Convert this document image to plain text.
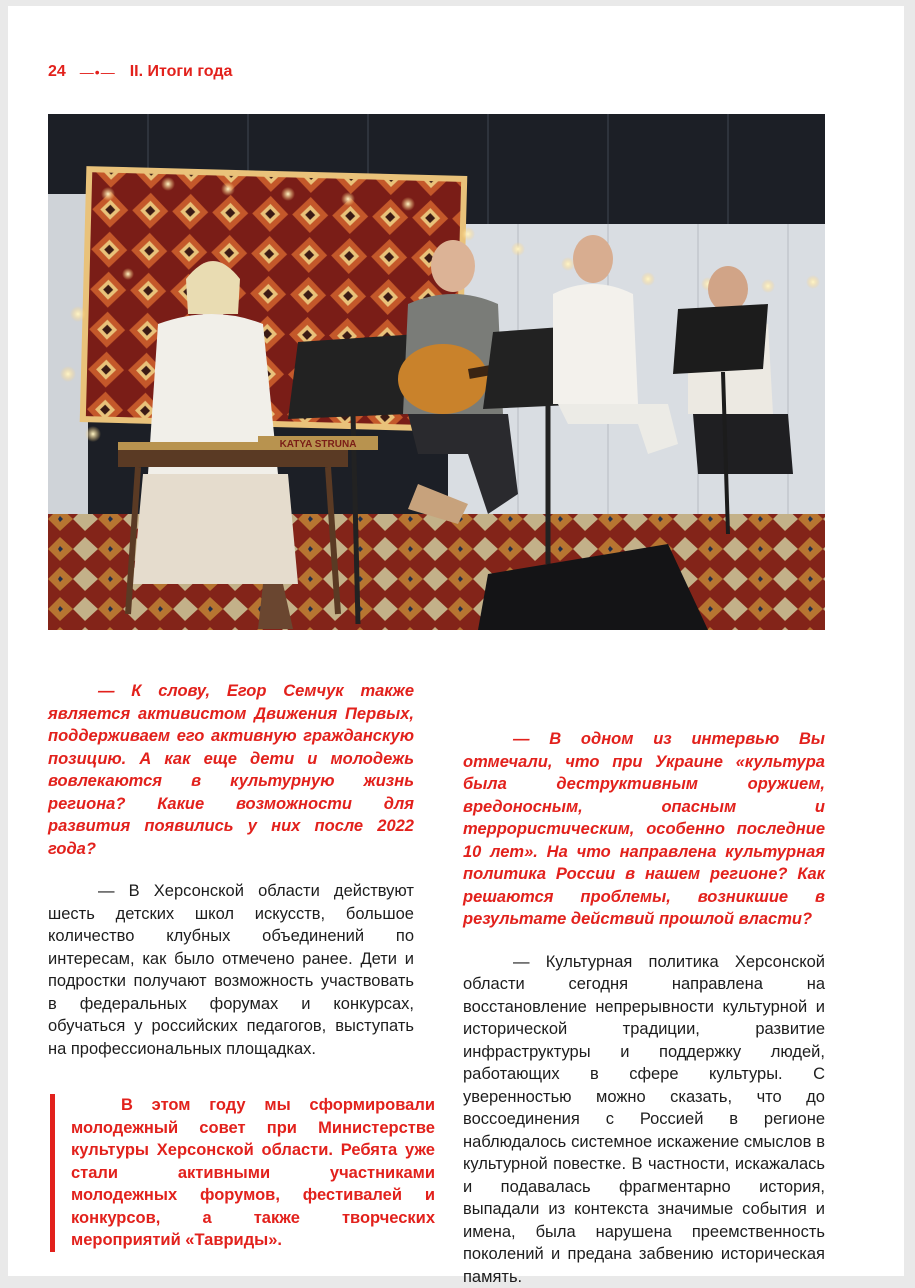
24 —•— II. Итоги года
KATYA STRUNA

— К слову, Егор Семчук также является активистом Движения Первых, поддерживаем его активную гражданскую позицию. А как еще дети и молодежь вовлекаются в культурную жизнь региона? Какие возможности для развития появились у них после 2022 года?

— В Херсонской области действуют шесть детских школ искусств, большое количество клубных объединений по интересам, как было отмечено ранее. Дети и подростки получают возможность участвовать в федеральных форумах и конкурсах, обучаться у российских педагогов, выступать на профессиональных площадках.

В этом году мы сформировали молодежный совет при Министерстве культуры Херсонской области. Ребята уже стали активными участниками молодежных форумов, фестивалей и конкурсов, а также творческих мероприятий «Тавриды».

— В одном из интервью Вы отмечали, что при Украине «культура была деструктивным оружием, вредоносным, опасным и террористическим, особенно последние 10 лет». На что направлена культурная политика России в нашем регионе? Как решаются проблемы, возникшие в результате действий прошлой власти?

— Культурная политика Херсонской области сегодня направлена на восстановление непрерывности культурной и исторической традиции, развитие инфраструктуры и поддержку людей, работающих в сфере культуры. С уверенностью можно сказать, что до воссоединения с Россией в регионе наблюдалось системное искажение смыслов в культурной повестке. В частности, искажалась и подавалась фрагментарно история, выпадали из контекста значимые события и имена, была нарушена преемственность поколений и предана забвению историческая память.
